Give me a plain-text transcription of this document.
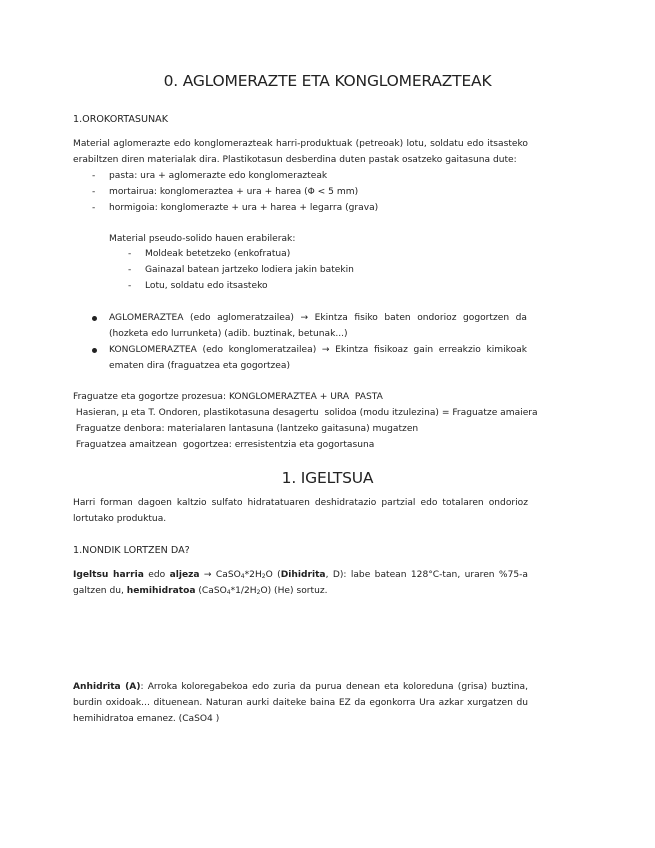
0. AGLOMERAZTE ETA KONGLOMERAZTEAK
1.OROKORTASUNAK

Material aglomerazte edo konglomerazteak harri-produktuak (petreoak) lotu, soldatu edo itsasteko erabiltzen diren materialak dira. Plastikotasun desberdina duten pastak osatzeko gaitasuna dute:

- pasta: ura + aglomerazte edo konglomerazteak
- mortairua: konglomeraztea + ura + harea (Φ < 5 mm)
- hormigoia: konglomerazte + ura + harea + legarra (grava)
Material pseudo-solido hauen erabilerak:
- Moldeak betetzeko (enkofratua)
- Gainazal batean jartzeko lodiera jakin batekin
- Lotu, soldatu edo itsasteko

AGLOMERAZTEA (edo aglomeratzailea) → Ekintza fisiko baten ondorioz gogortzen da (hozketa edo lurrunketa) (adib. buztinak, betunak...)

KONGLOMERAZTEA (edo konglomeratzailea) → Ekintza fisikoaz gain erreakzio kimikoak ematen dira (fraguatzea eta gogortzea)

Fraguatze eta gogortze prozesua: KONGLOMERAZTEA + URA  PASTA
Hasieran, μ eta T. Ondoren, plastikotasuna desagertu  solidoa (modu itzulezina) = Fraguatze amaiera
Fraguatze denbora: materialaren lantasuna (lantzeko gaitasuna) mugatzen
Fraguatzea amaitzean  gogortzea: erresistentzia eta gogortasuna
1. IGELTSUA

Harri forman dagoen kaltzio sulfato hidratatuaren deshidratazio partzial edo totalaren ondorioz lortutako produktua.

1.NONDIK LORTZEN DA?

Igeltsu harria edo aljeza → $CaSO_4*2H_2O$ (Dihidrita, D): labe batean 128°C-tan, uraren %75-a galtzen du, hemihidratoa $(CaSO_4*1/2H_2O)$ (He) sortuz.

Anhidrita (A): Arroka koloregabekoa edo zuria da purua denean eta koloreduna (grisa) buztina, burdin oxidoak... dituenean. Naturan aurki daiteke baina EZ da egonkorra Ura azkar xurgatzen du hemihidratoa emanez. (CaSO4 )
